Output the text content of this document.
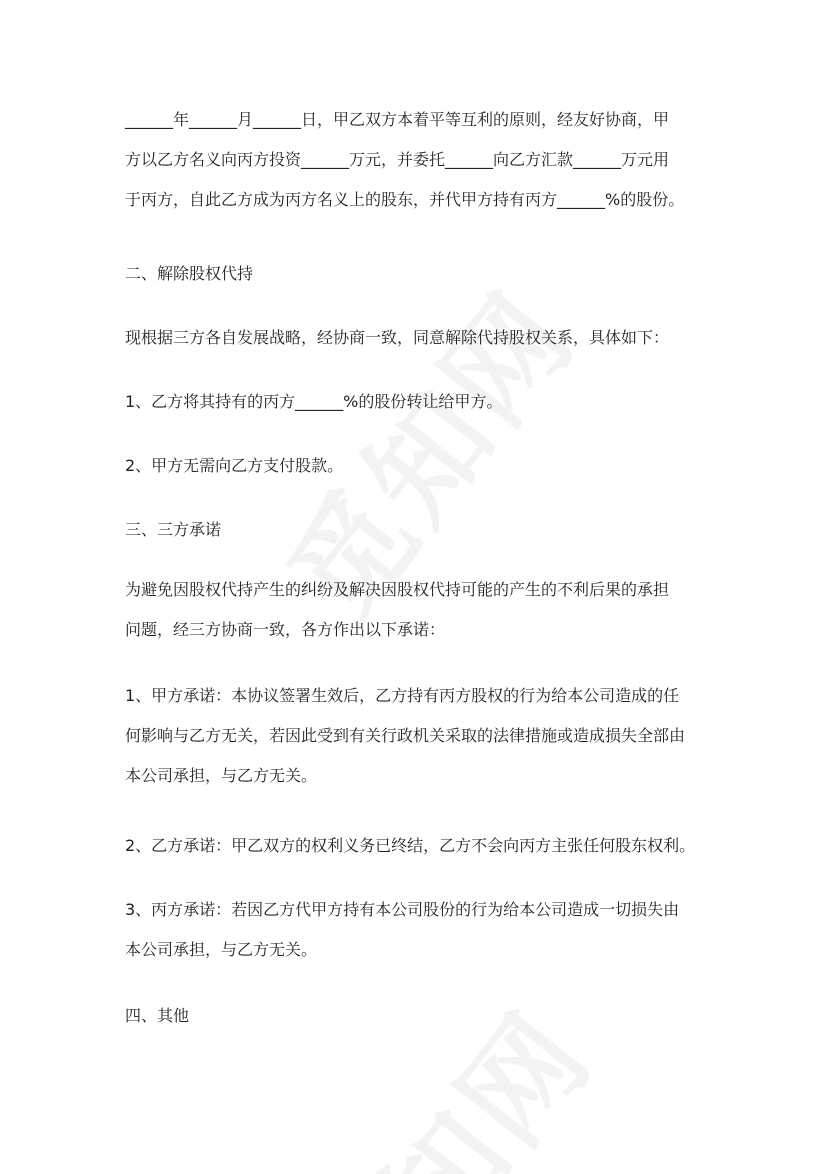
______年______月______日，甲乙双方本着平等互利的原则，经友好协商，甲
方以乙方名义向丙方投资______万元，并委托______向乙方汇款______万元用
于丙方，自此乙方成为丙方名义上的股东，并代甲方持有丙方______%的股份。
二、解除股权代持
现根据三方各自发展战略，经协商一致，同意解除代持股权关系，具体如下：
1、乙方将其持有的丙方______%的股份转让给甲方。
2、甲方无需向乙方支付股款。
三、三方承诺
为避免因股权代持产生的纠纷及解决因股权代持可能的产生的不利后果的承担
问题，经三方协商一致，各方作出以下承诺：
1、甲方承诺：本协议签署生效后，乙方持有丙方股权的行为给本公司造成的任
何影响与乙方无关，若因此受到有关行政机关采取的法律措施或造成损失全部由
本公司承担，与乙方无关。
2、乙方承诺：甲乙双方的权利义务已终结，乙方不会向丙方主张任何股东权利。
3、丙方承诺：若因乙方代甲方持有本公司股份的行为给本公司造成一切损失由
本公司承担，与乙方无关。
四、其他
